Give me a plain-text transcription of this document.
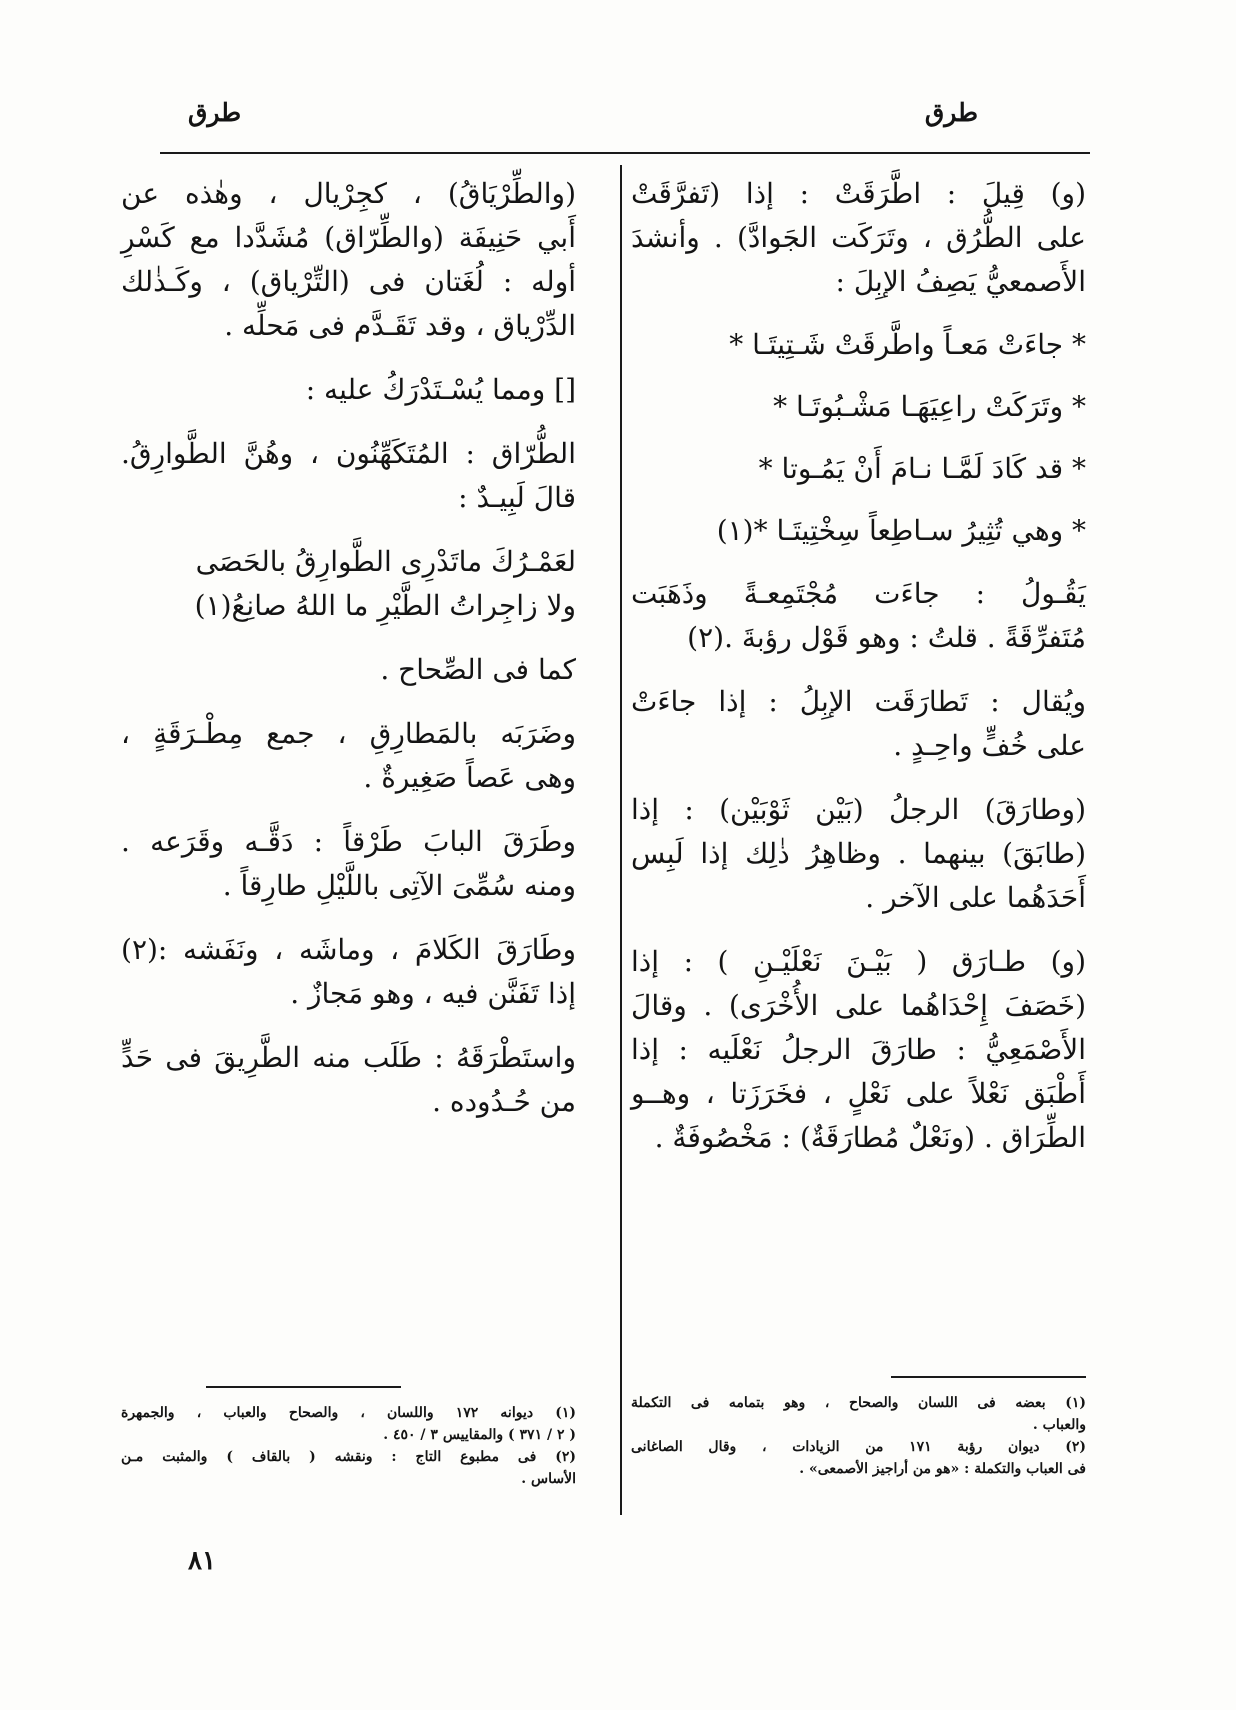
طرق
طرق
(و) قِيلَ : اطَّرَقَتْ : إذا (تَفرَّقَتْ
على الطُّرُق ، وتَرَكَت الجَوادَّ) . وأنشدَ
الأَصمعيُّ يَصِفُ الإبِلَ :
* جاءَتْ مَعـاً واطَّرقَتْ شَـتِيتَـا *
* وتَرَكَتْ راعِيَهَـا مَشْـبُوتَـا *
* قد كَادَ لَمَّـا نـامَ أَنْ يَمُـوتا *
* وهي تُثِيرُ سـاطِعاً سِخْتِيتَـا *(١)
يَقُـولُ : جاءَت مُجْتَمِعـةً وذَهَبَت
مُتَفرِّقَةً . قلتُ : وهو قَوْل رؤبةَ .(٢)
ويُقال : تَطارَقَت الإبِلُ : إذا جاءَتْ
على خُفٍّ واحِـدٍ .
(وطارَقَ) الرجلُ (بَيْن ثَوْبَيْن) : إذا
(طابَقَ) بينهما . وظاهِرُ ذٰلِك إذا لَبِس
أَحَدَهُما على الآخر .
(و) طـارَق ( بَيْـنَ نَعْلَيْـنِ ) : إذا
(خَصَفَ إِحْدَاهُما على الأُخْرَى) . وقالَ
الأَصْمَعِيُّ : طارَقَ الرجلُ نَعْلَيه : إذا
أَطْبَق نَعْلاً على نَعْلٍ ، فخَرَزَتا ، وهــو
الطِّرَاق . (ونَعْلٌ مُطارَقَةٌ) : مَخْصُوفَةٌ .
(والطِّرْيَاقُ) ، كجِرْيال ، وهٰذه عن
أَبي حَنِيفَة (والطِّرّاق) مُشَدَّدا مع كَسْرِ
أوله : لُغَتان فى (التِّرْياق) ، وكَـذٰلك
الدِّرْياق ، وقد تَقَـدَّم فى مَحلِّه .
[] ومما يُسْـتَدْرَكُ عليه :
الطُّرّاق : المُتَكَهِّنُون ، وهُنَّ الطَّوارِقُ.
قالَ لَبِيـدٌ :
لعَمْـرُكَ ماتَدْرِى الطَّوارِقُ بالحَصَى
ولا زاجِراتُ الطَّيْرِ ما اللهُ صانِعُ(١)
كما فى الصِّحاح .
وضَرَبَه بالمَطارِقِ ، جمع مِطْـرَقَةٍ ،
وهى عَصاً صَغِيرةٌ .
وطَرَقَ البابَ طَرْقاً : دَقَّـه وقَرَعه .
ومنه سُمِّىَ الآتِى باللَّيْلِ طارِقاً .
وطَارَقَ الكَلامَ ، وماشَه ، ونَفَشه :(٢)
إذا تَفَنَّن فيه ، وهو مَجازٌ .
واستَطْرَقَهُ : طَلَب منه الطَّرِيقَ فى حَدٍّ
من حُـدُوده .
(١) بعضه فى اللسان والصحاح ، وهو بتمامه فى التكملة
والعباب .
(٢) ديوان رؤبة ١٧١ من الزيادات ، وقال الصاغانى
فى العباب والتكملة : «هو من أراجيز الأصمعى» .
(١) ديوانه ١٧٢ واللسان ، والصحاح والعباب ، والجمهرة
( ٢ / ٣٧١ ) والمقاييس ٣ / ٤٥٠ .
(٢) فى مطبوع التاج : ونقشه ( بالقاف ) والمثبت مـن
الأساس .
٨١
